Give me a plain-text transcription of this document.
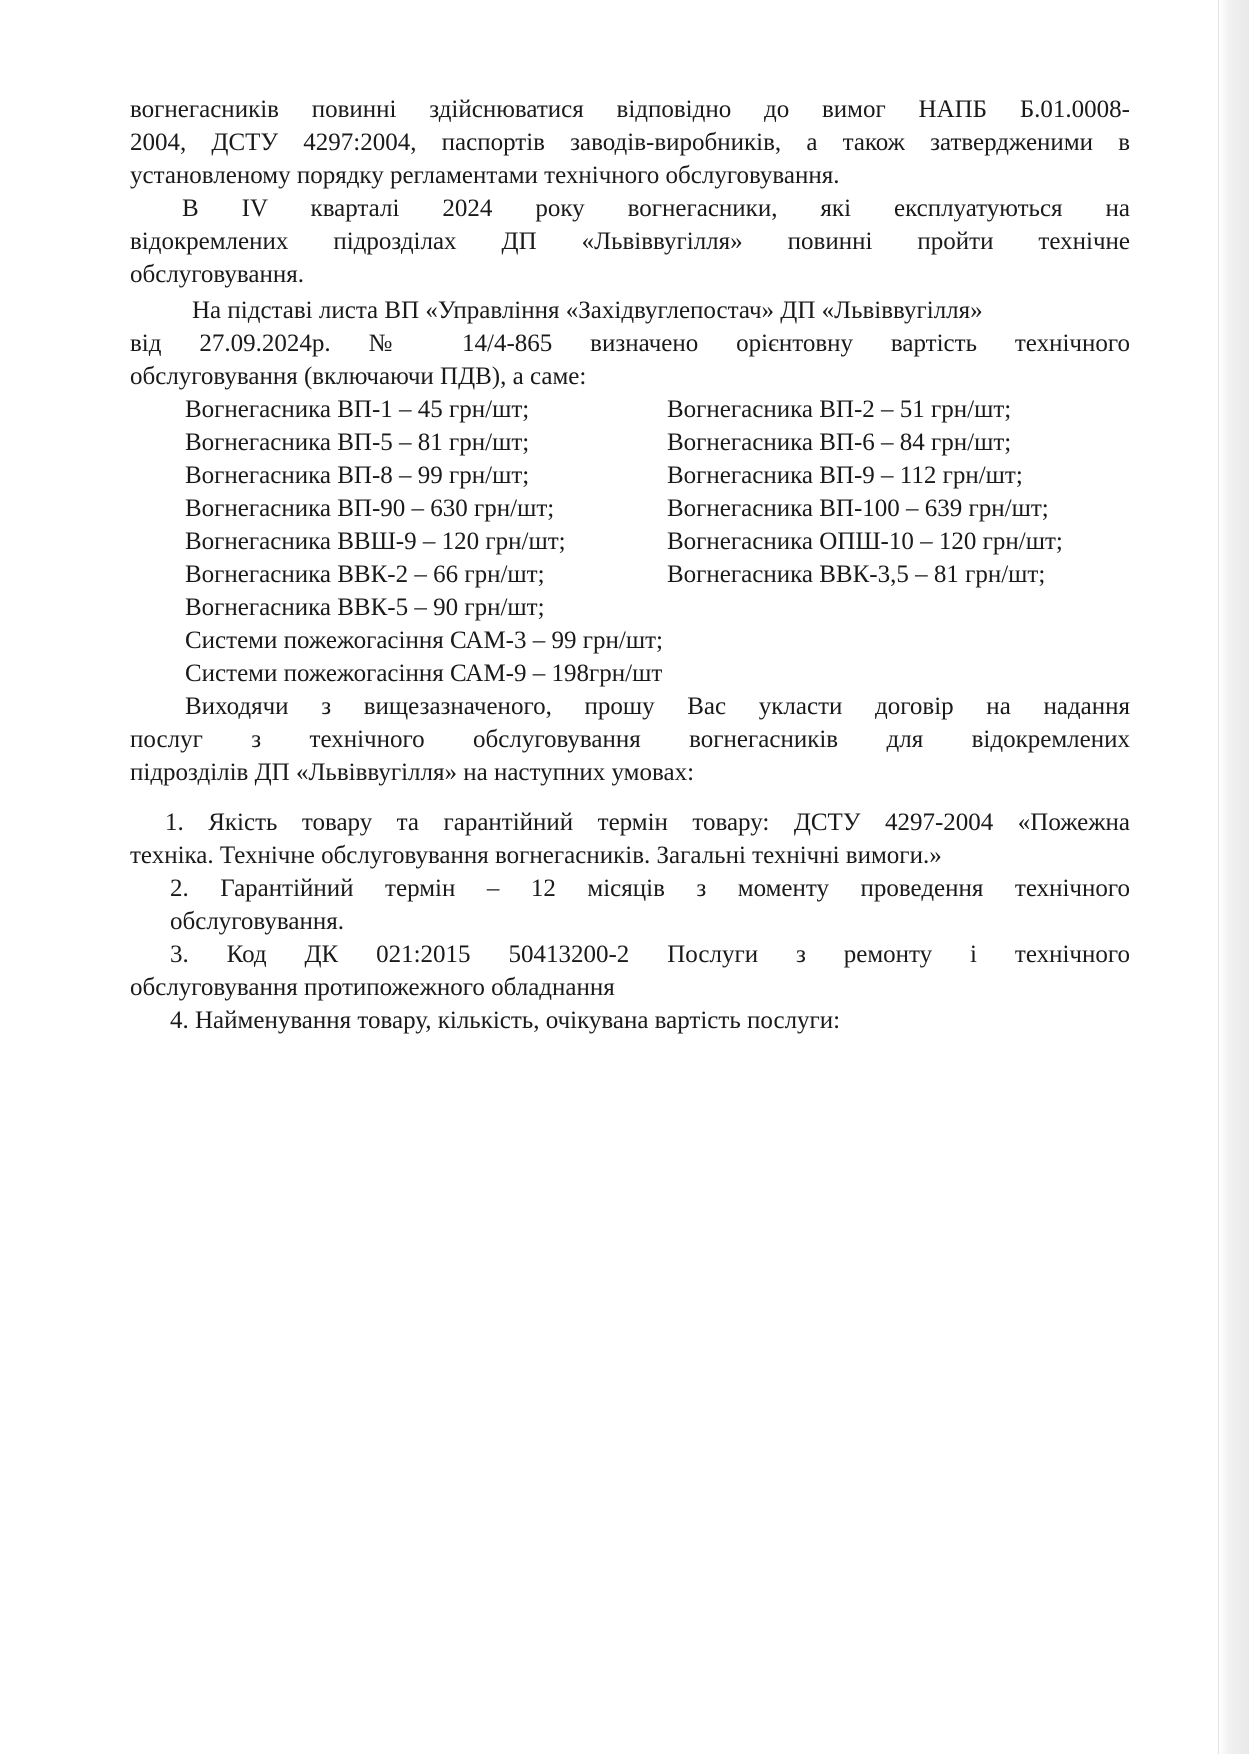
вогнегасників повинні здійснюватися відповідно до вимог НАПБ Б.01.0008-
2004, ДСТУ 4297:2004, паспортів заводів-виробників, а також затвердженими в
установленому порядку регламентами технічного обслуговування.
В IV кварталі 2024 року вогнегасники, які експлуатуються на
відокремлених підрозділах ДП «Львіввугілля» повинні пройти технічне
обслуговування.
На підставі листа ВП «Управління «Західвуглепостач» ДП «Львіввугілля»
від 27.09.2024р. № 14/4-865 визначено орієнтовну вартість технічного
обслуговування (включаючи ПДВ), а саме:
Вогнегасника ВП-1 – 45 грн/шт;	Вогнегасника ВП-2 – 51 грн/шт;
Вогнегасника ВП-5 – 81 грн/шт;	Вогнегасника ВП-6 – 84 грн/шт;
Вогнегасника ВП-8 – 99 грн/шт;	Вогнегасника ВП-9 – 112 грн/шт;
Вогнегасника ВП-90 – 630 грн/шт;	Вогнегасника ВП-100 – 639 грн/шт;
Вогнегасника ВВШ-9 – 120 грн/шт;	Вогнегасника ОПШ-10 – 120 грн/шт;
Вогнегасника ВВК-2 – 66 грн/шт;	Вогнегасника ВВК-3,5 – 81 грн/шт;
Вогнегасника ВВК-5 – 90 грн/шт;
Системи пожежогасіння САМ-3 – 99 грн/шт;
Системи пожежогасіння САМ-9 – 198грн/шт
Виходячи з вищезазначеного, прошу Вас укласти договір на надання
послуг з технічного обслуговування вогнегасників для відокремлених
підрозділів ДП «Львіввугілля» на наступних умовах:
1. Якість товару та гарантійний термін товару: ДСТУ 4297-2004 «Пожежна
техніка. Технічне обслуговування вогнегасників. Загальні технічні вимоги.»
2. Гарантійний термін – 12 місяців з моменту проведення технічного
обслуговування.
3. Код ДК 021:2015 50413200-2 Послуги з ремонту і технічного
обслуговування протипожежного обладнання
4. Найменування товару, кількість, очікувана вартість послуги:
